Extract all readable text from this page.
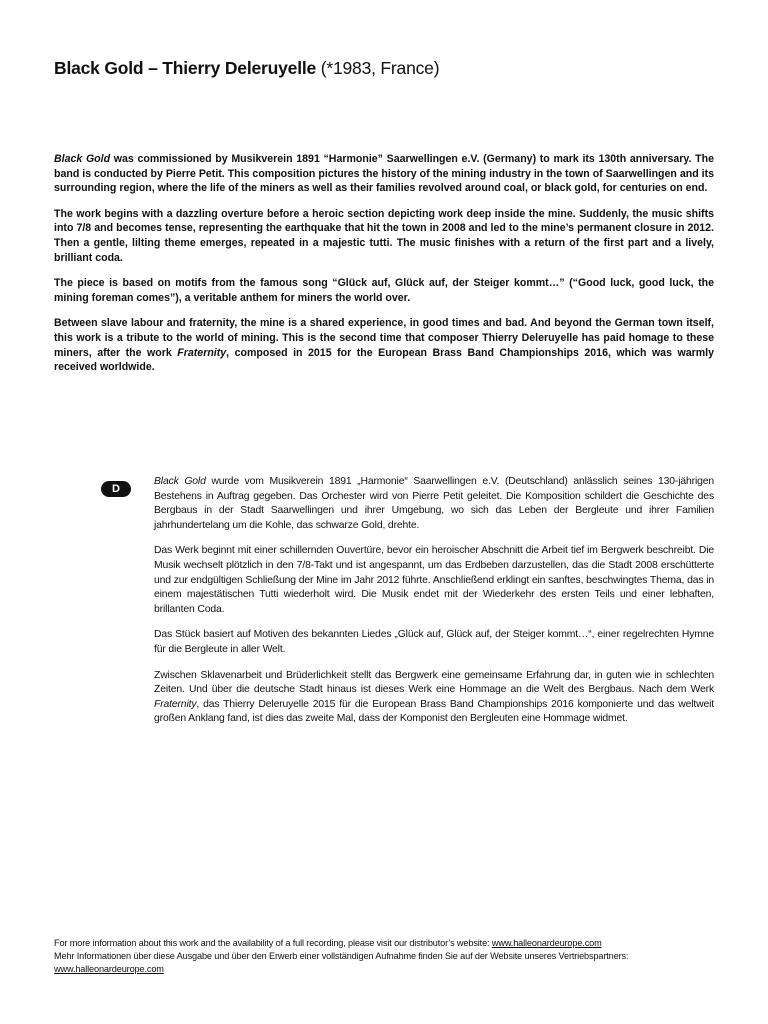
Black Gold – Thierry Deleruyelle (*1983, France)

Black Gold was commissioned by Musikverein 1891 “Harmonie” Saarwellingen e.V. (Germany) to mark its 130th anniversary. The band is conducted by Pierre Petit. This composition pictures the history of the mining industry in the town of Saarwellingen and its surrounding region, where the life of the miners as well as their families revolved around coal, or black gold, for centuries on end.

The work begins with a dazzling overture before a heroic section depicting work deep inside the mine. Suddenly, the music shifts into 7/8 and becomes tense, representing the earthquake that hit the town in 2008 and led to the mine’s permanent closure in 2012. Then a gentle, lilting theme emerges, repeated in a majestic tutti. The music finishes with a return of the first part and a lively, brilliant coda.

The piece is based on motifs from the famous song “Glück auf, Glück auf, der Steiger kommt…” (“Good luck, good luck, the mining foreman comes”), a veritable anthem for miners the world over.

Between slave labour and fraternity, the mine is a shared experience, in good times and bad. And beyond the German town itself, this work is a tribute to the world of mining. This is the second time that composer Thierry Deleruyelle has paid homage to these miners, after the work Fraternity, composed in 2015 for the European Brass Band Championships 2016, which was warmly received worldwide.

D

Black Gold wurde vom Musikverein 1891 „Harmonie“ Saarwellingen e.V. (Deutschland) anlässlich seines 130-jährigen Bestehens in Auftrag gegeben. Das Orchester wird von Pierre Petit geleitet. Die Komposition schildert die Geschichte des Bergbaus in der Stadt Saarwellingen und ihrer Umgebung, wo sich das Leben der Bergleute und ihrer Familien jahrhundertelang um die Kohle, das schwarze Gold, drehte.

Das Werk beginnt mit einer schillernden Ouvertüre, bevor ein heroischer Abschnitt die Arbeit tief im Bergwerk beschreibt. Die Musik wechselt plötzlich in den 7/8-Takt und ist angespannt, um das Erdbeben darzustellen, das die Stadt 2008 erschütterte und zur endgültigen Schließung der Mine im Jahr 2012 führte. Anschließend erklingt ein sanftes, beschwingtes Thema, das in einem majestätischen Tutti wiederholt wird. Die Musik endet mit der Wiederkehr des ersten Teils und einer lebhaften, brillanten Coda.

Das Stück basiert auf Motiven des bekannten Liedes „Glück auf, Glück auf, der Steiger kommt…“, einer regelrechten Hymne für die Bergleute in aller Welt.

Zwischen Sklavenarbeit und Brüderlichkeit stellt das Bergwerk eine gemeinsame Erfahrung dar, in guten wie in schlechten Zeiten. Und über die deutsche Stadt hinaus ist dieses Werk eine Hommage an die Welt des Bergbaus. Nach dem Werk Fraternity, das Thierry Deleruyelle 2015 für die European Brass Band Championships 2016 komponierte und das weltweit großen Anklang fand, ist dies das zweite Mal, dass der Komponist den Bergleuten eine Hommage widmet.

For more information about this work and the availability of a full recording, please visit our distributor’s website: www.halleonardeurope.com
Mehr Informationen über diese Ausgabe und über den Erwerb einer vollständigen Aufnahme finden Sie auf der Website unseres Vertriebspartners:
www.halleonardeurope.com
